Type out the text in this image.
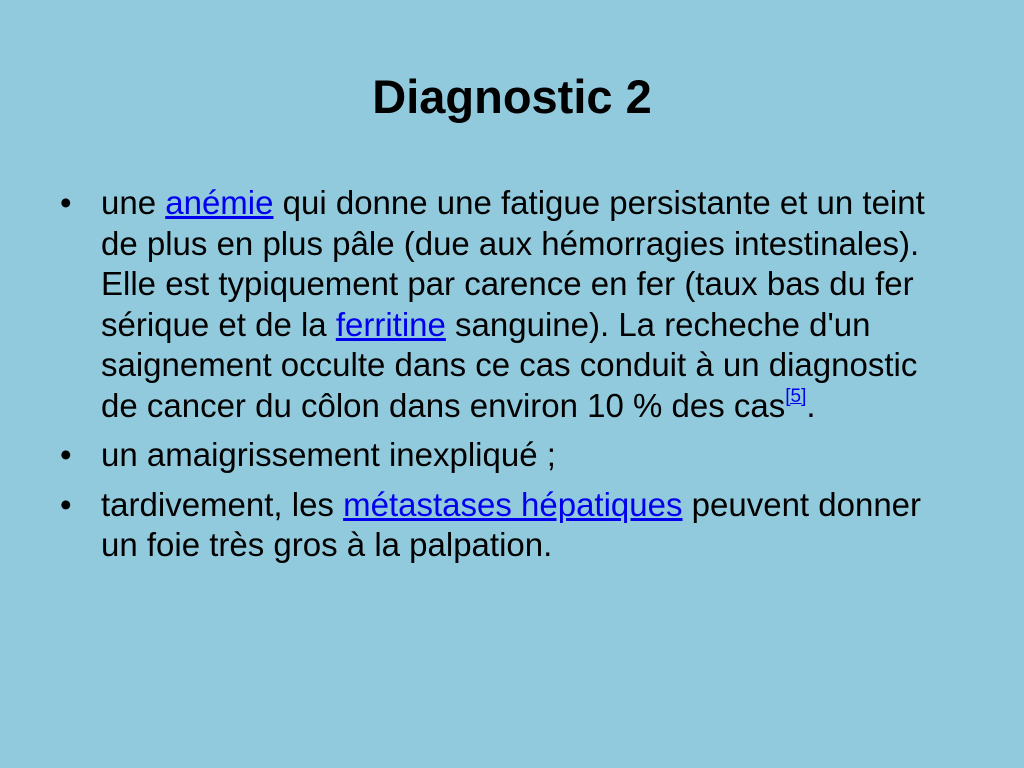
Diagnostic 2
• une anémie qui donne une fatigue persistante et un teint de plus en plus pâle (due aux hémorragies intestinales). Elle est typiquement par carence en fer (taux bas du fer sérique et de la ferritine sanguine). La recheche d'un saignement occulte dans ce cas conduit à un diagnostic de cancer du côlon dans environ 10 % des cas[5].
• un amaigrissement inexpliqué ;
• tardivement, les métastases hépatiques peuvent donner un foie très gros à la palpation.
